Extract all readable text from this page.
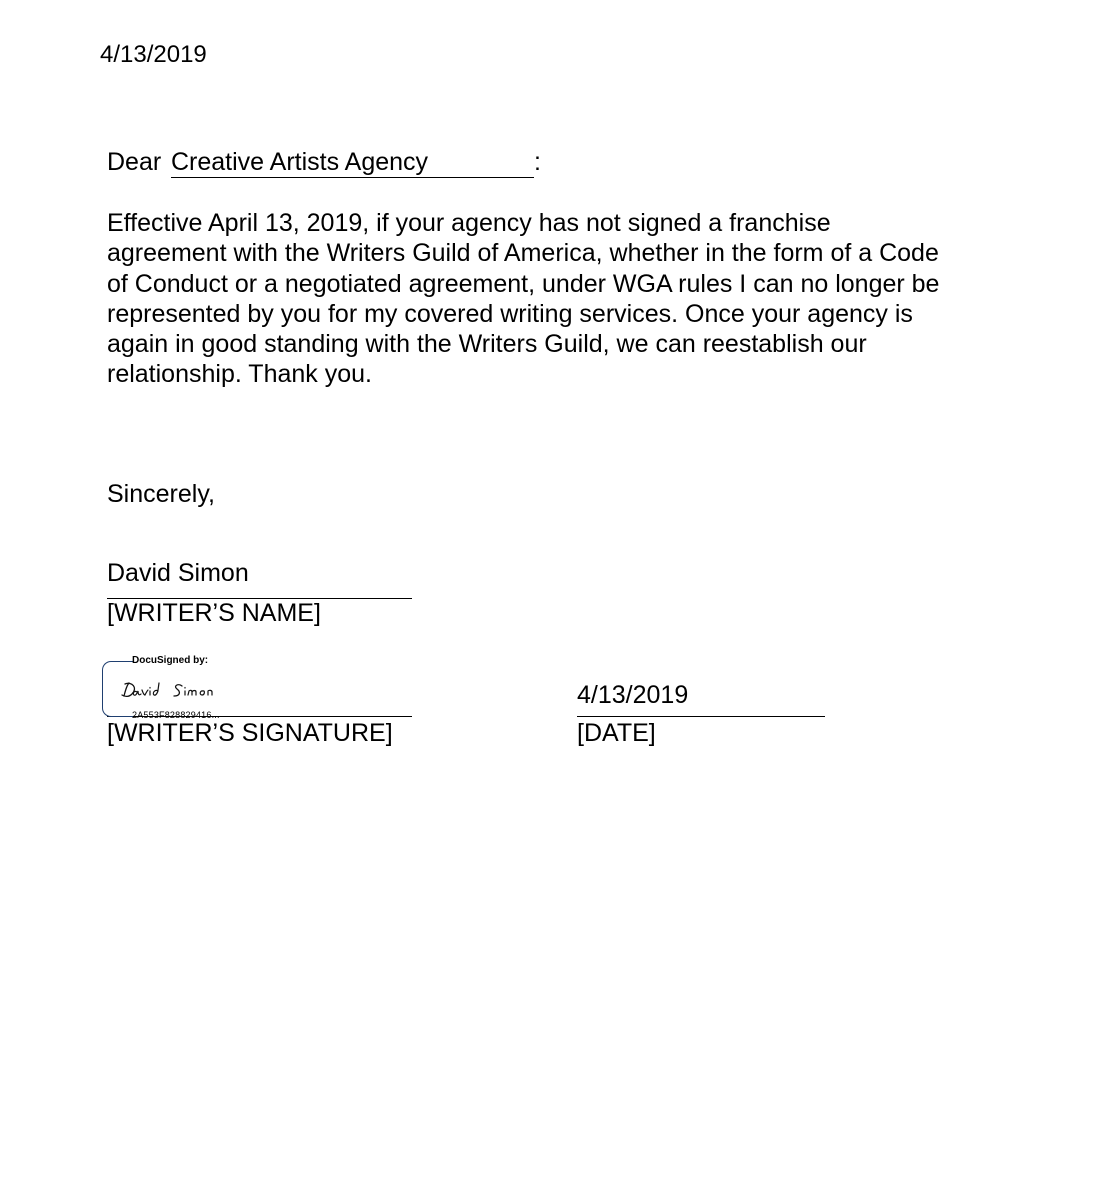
4/13/2019
Dear Creative Artists Agency	:
Effective April 13, 2019, if your agency has not signed a franchise
agreement with the Writers Guild of America, whether in the form of a Code
of Conduct or a negotiated agreement, under WGA rules I can no longer be
represented by you for my covered writing services. Once your agency is
again in good standing with the Writers Guild, we can reestablish our
relationship. Thank you.
Sincerely,
David Simon
[WRITER’S NAME]
DocuSigned by:
2A553F828829416...
[WRITER’S SIGNATURE]
4/13/2019
[DATE]
